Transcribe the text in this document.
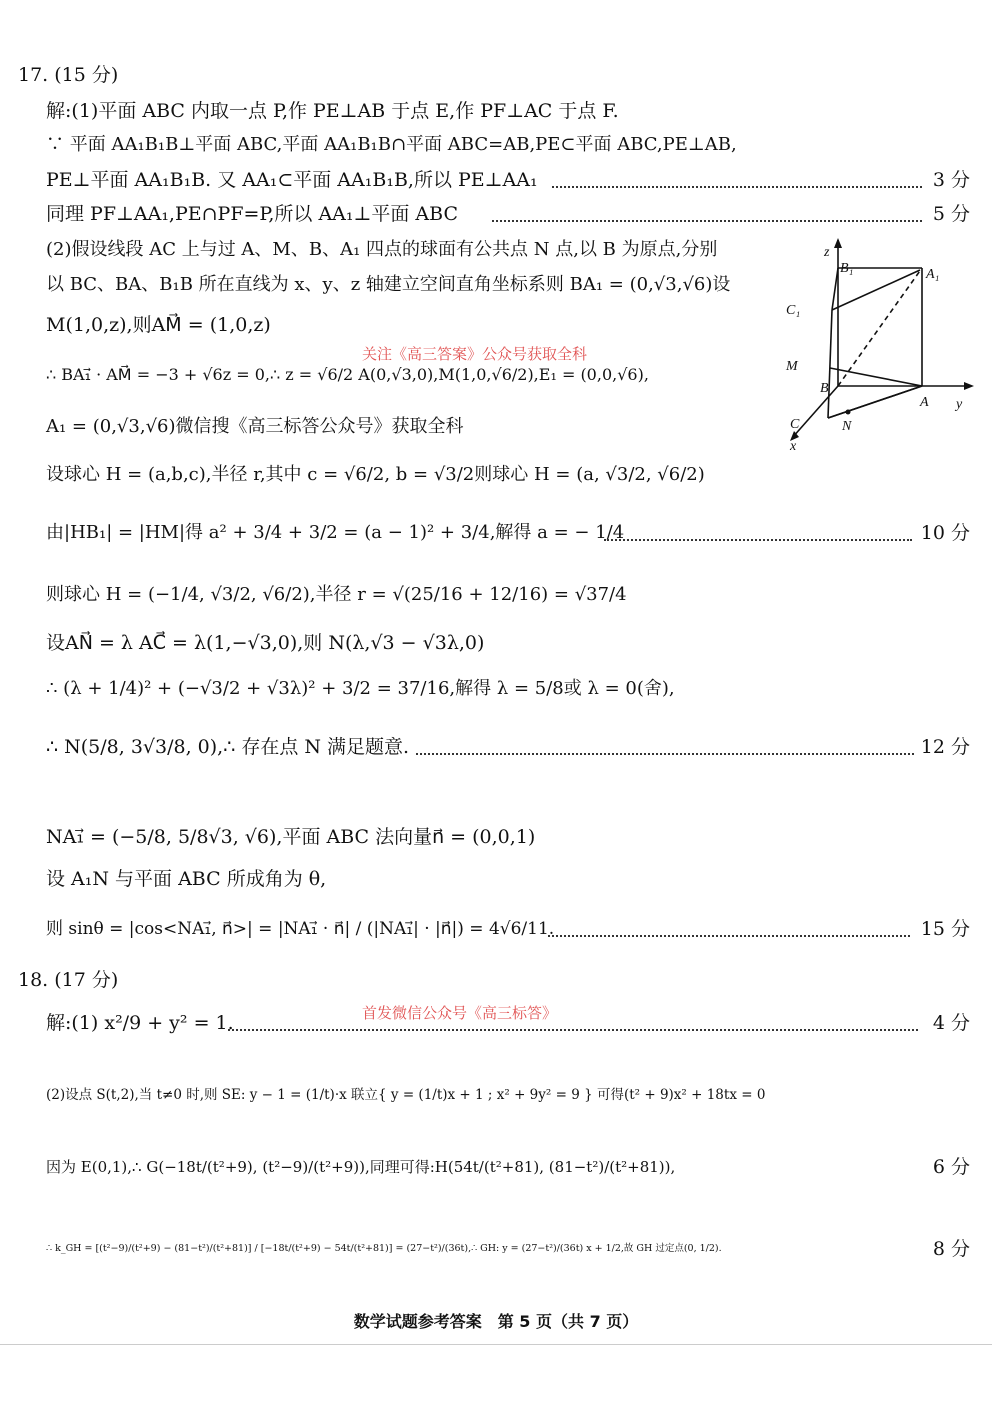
17. (15 分)
解:(1)平面 ABC 内取一点 P,作 PE⊥AB 于点 E,作 PF⊥AC 于点 F.
∵ 平面 AA₁B₁B⊥平面 ABC,平面 AA₁B₁B∩平面 ABC=AB,PE⊂平面 ABC,PE⊥AB,
PE⊥平面 AA₁B₁B. 又 AA₁⊂平面 AA₁B₁B,所以 PE⊥AA₁	3 分
同理 PF⊥AA₁,PE∩PF=P,所以 AA₁⊥平面 ABC	5 分
(2)假设线段 AC 上与过 A、M、B、A₁ 四点的球面有公共点 N 点,以 B 为原点,分别
以 BC、BA、B₁B 所在直线为 x、y、z 轴建立空间直角坐标系则 BA₁ = (0,√3,√6)设
M(1,0,z),则AM⃗ = (1,0,z)
关注《高三答案》公众号获取全科
∴ BA₁⃗ · AM⃗ = −3 + √6z = 0,∴ z = √6/2 A(0,√3,0),M(1,0,√6/2),E₁ = (0,0,√6),
A₁ = (0,√3,√6)微信搜《高三标答公众号》获取全科
设球心 H = (a,b,c),半径 r,其中 c = √6/2, b = √3/2则球心 H = (a, √3/2, √6/2)
由|HB₁| = |HM|得 a² + 3/4 + 3/2 = (a − 1)² + 3/4,解得 a = − 1/4	10 分
则球心 H = (−1/4, √3/2, √6/2),半径 r = √(25/16 + 12/16) = √37/4
设AN⃗ = λ AC⃗ = λ(1,−√3,0),则 N(λ,√3 − √3λ,0)
∴ (λ + 1/4)² + (−√3/2 + √3λ)² + 3/2 = 37/16,解得 λ = 5/8或 λ = 0(舍),
∴ N(5/8, 3√3/8, 0),∴ 存在点 N 满足题意.	12 分
NA₁⃗ = (−5/8, 5/8√3, √6),平面 ABC 法向量n⃗ = (0,0,1)
设 A₁N 与平面 ABC 所成角为 θ,
则 sinθ = |cos<NA₁⃗, n⃗>| = |NA₁⃗ · n⃗| / (|NA₁⃗| · |n⃗|) = 4√6/11.	15 分
18. (17 分)
首发微信公众号《高三标答》
解:(1) x²/9 + y² = 1.	4 分
(2)设点 S(t,2),当 t≠0 时,则 SE: y − 1 = (1/t)·x 联立{ y = (1/t)x + 1 ; x² + 9y² = 9 } 可得(t² + 9)x² + 18tx = 0
因为 E(0,1),∴ G(−18t/(t²+9), (t²−9)/(t²+9)),同理可得:H(54t/(t²+81), (81−t²)/(t²+81)),	6 分
∴ k_GH = [(t²−9)/(t²+9) − (81−t²)/(t²+81)] / [−18t/(t²+9) − 54t/(t²+81)] = (27−t²)/(36t),∴ GH: y = (27−t²)/(36t) x + 1/2,故 GH 过定点(0, 1/2).	8 分
数学试题参考答案　第 5 页（共 7 页）
z
B₁	A₁
C₁
M
B
A y
C	N
x
